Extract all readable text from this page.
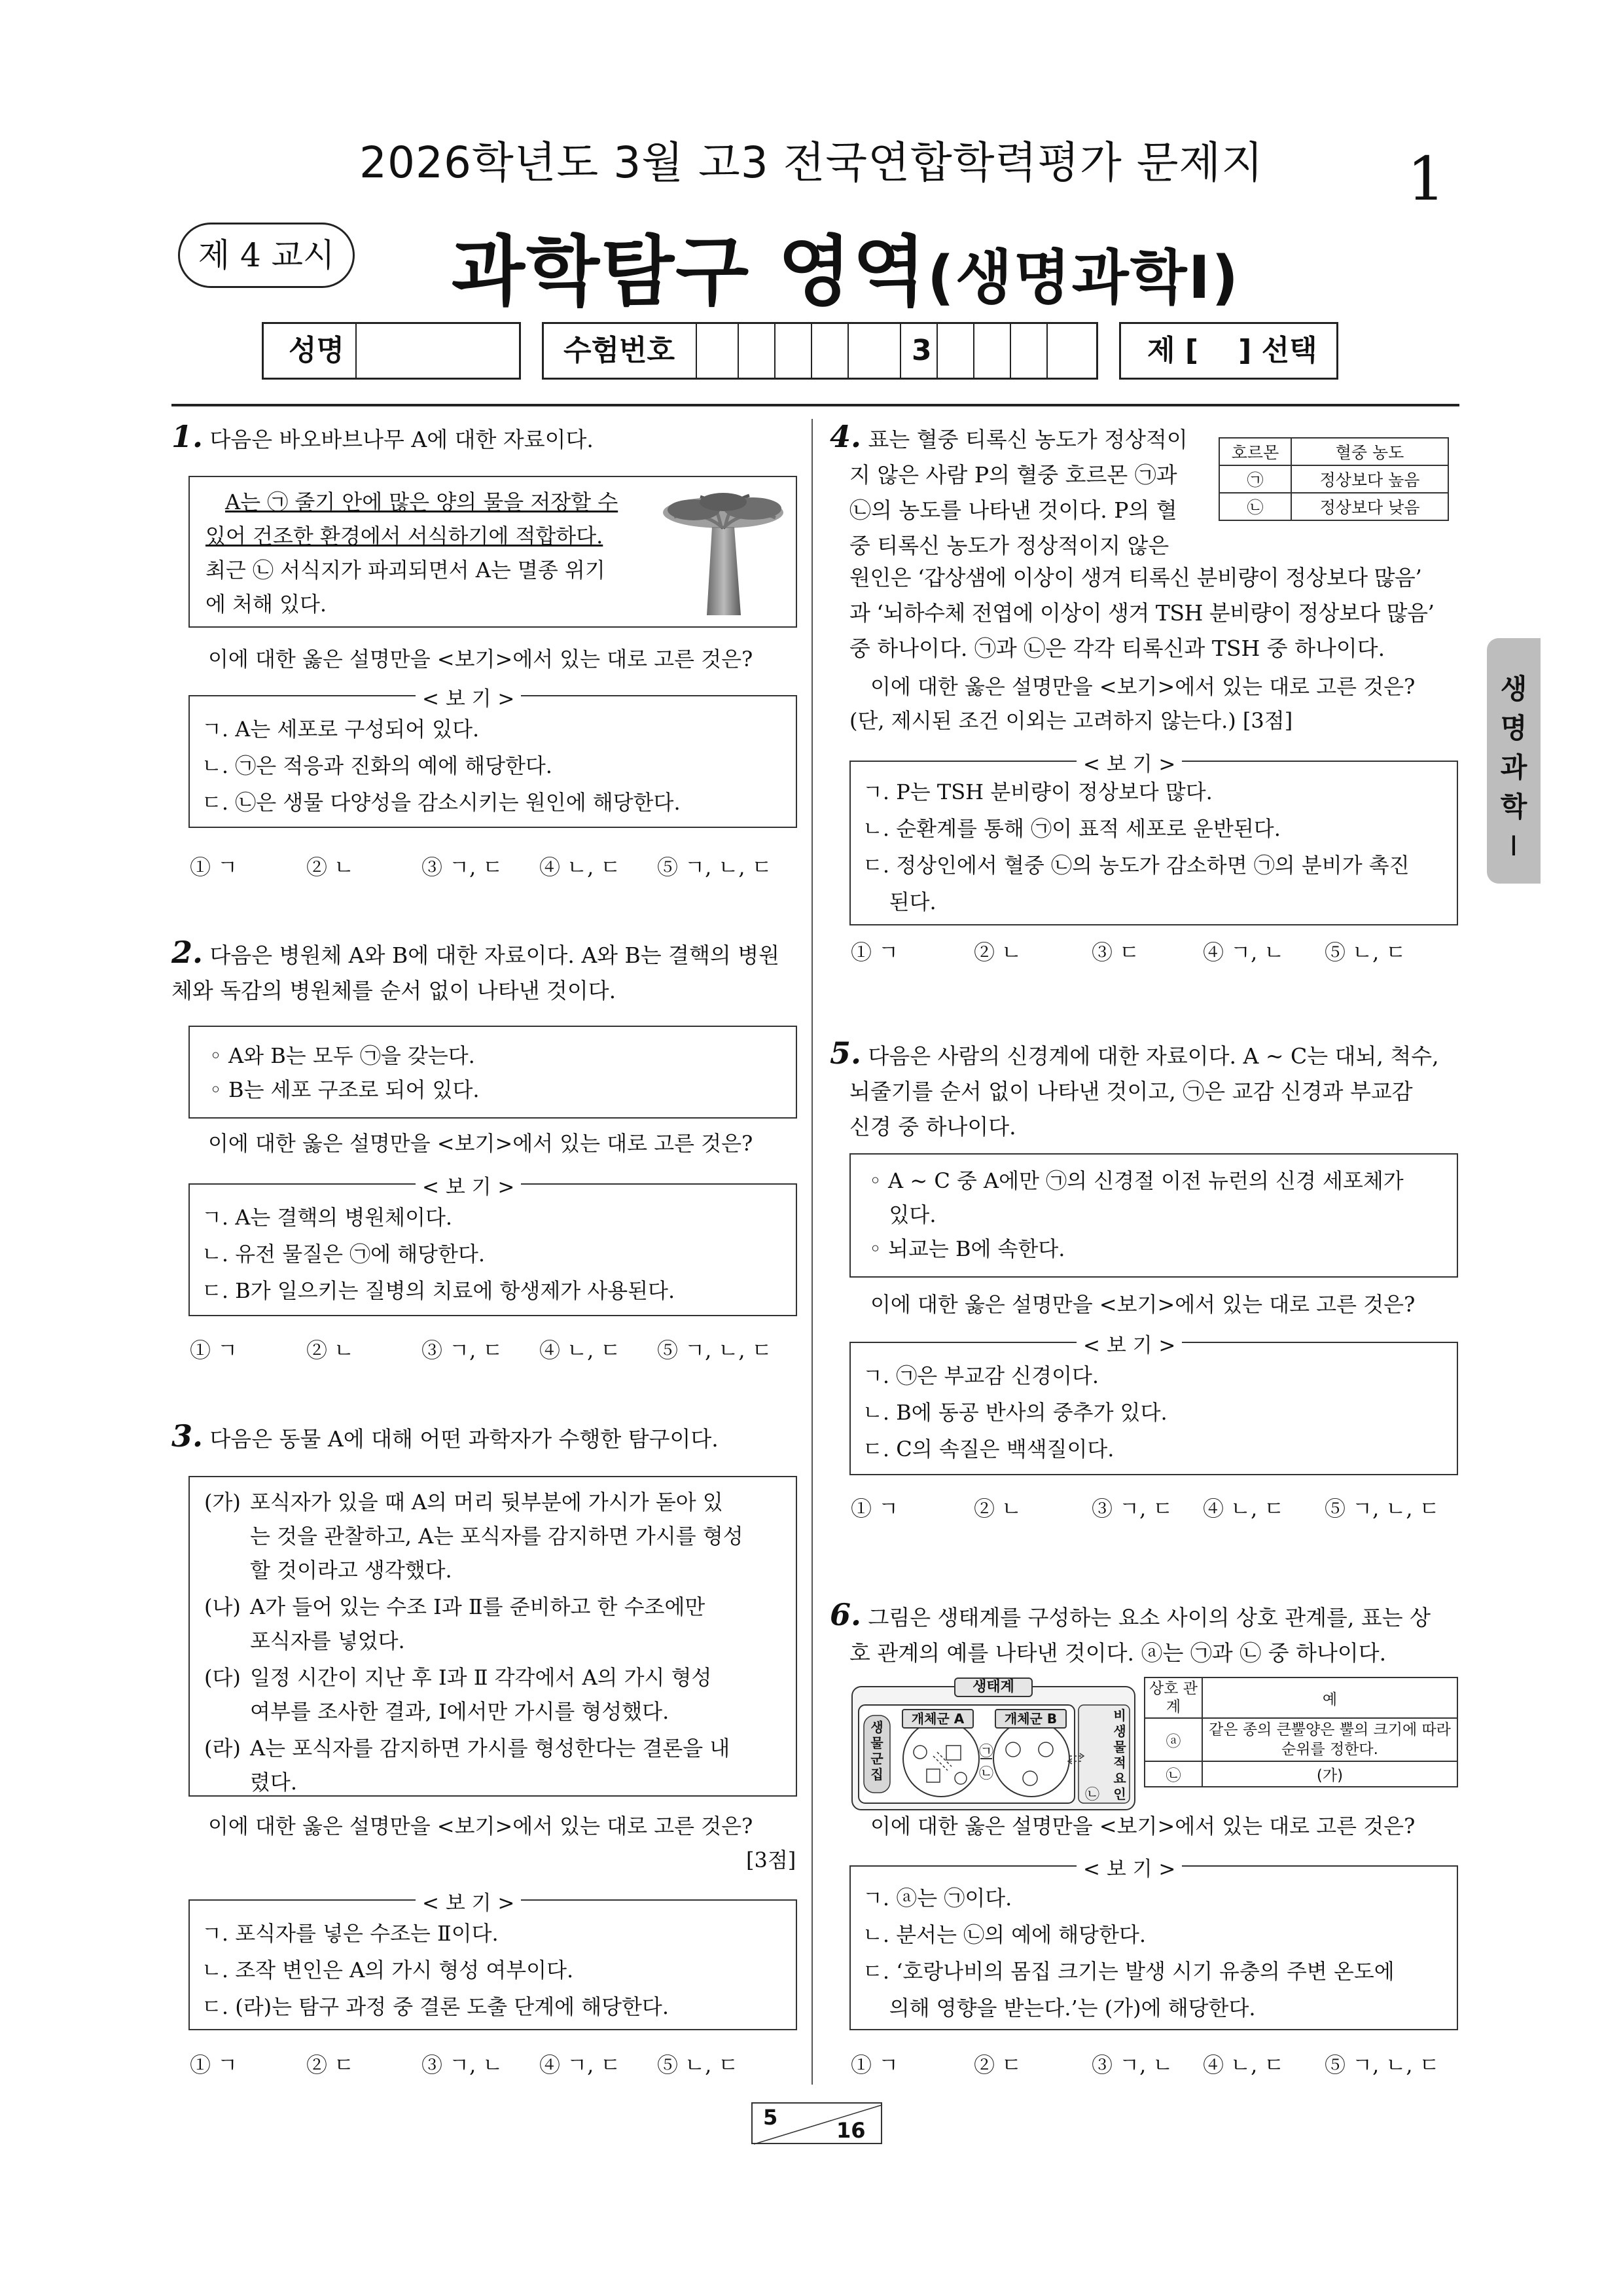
2026학년도 3월 고3 전국연합학력평가 문제지	1
제 4 교시 과학탐구 영역(생명과학Ⅰ)
성명	수험번호	3	제 [    ] 선택
생
명
과
학
Ⅰ
1. 다음은 바오바브나무 A에 대한 자료이다.
A는 ㉠ 줄기 안에 많은 양의 물을 저장할 수
있어 건조한 환경에서 서식하기에 적합하다.
최근 ㉡ 서식지가 파괴되면서 A는 멸종 위기
에 처해 있다.
이에 대한 옳은 설명만을 <보기>에서 있는 대로 고른 것은?
< 보 기 >
ㄱ. A는 세포로 구성되어 있다.
ㄴ. ㉠은 적응과 진화의 예에 해당한다.
ㄷ. ㉡은 생물 다양성을 감소시키는 원인에 해당한다.
① ㄱ	② ㄴ	③ ㄱ, ㄷ ④ ㄴ, ㄷ ⑤ ㄱ, ㄴ, ㄷ
2. 다음은 병원체 A와 B에 대한 자료이다. A와 B는 결핵의 병원
체와 독감의 병원체를 순서 없이 나타낸 것이다.
◦ A와 B는 모두 ㉠을 갖는다.
◦ B는 세포 구조로 되어 있다.
이에 대한 옳은 설명만을 <보기>에서 있는 대로 고른 것은?
< 보 기 >
ㄱ. A는 결핵의 병원체이다.
ㄴ. 유전 물질은 ㉠에 해당한다.
ㄷ. B가 일으키는 질병의 치료에 항생제가 사용된다.
① ㄱ	② ㄴ	③ ㄱ, ㄷ ④ ㄴ, ㄷ ⑤ ㄱ, ㄴ, ㄷ
3. 다음은 동물 A에 대해 어떤 과학자가 수행한 탐구이다.
(가) 포식자가 있을 때 A의 머리 뒷부분에 가시가 돋아 있
는 것을 관찰하고, A는 포식자를 감지하면 가시를 형성
할 것이라고 생각했다.
(나) A가 들어 있는 수조 Ⅰ과 Ⅱ를 준비하고 한 수조에만
포식자를 넣었다.
(다) 일정 시간이 지난 후 Ⅰ과 Ⅱ 각각에서 A의 가시 형성
여부를 조사한 결과, Ⅰ에서만 가시를 형성했다.
(라) A는 포식자를 감지하면 가시를 형성한다는 결론을 내
렸다.
이에 대한 옳은 설명만을 <보기>에서 있는 대로 고른 것은?
[3점]
< 보 기 >
ㄱ. 포식자를 넣은 수조는 Ⅱ이다.
ㄴ. 조작 변인은 A의 가시 형성 여부이다.
ㄷ. (라)는 탐구 과정 중 결론 도출 단계에 해당한다.
① ㄱ	② ㄷ	③ ㄱ, ㄴ ④ ㄱ, ㄷ ⑤ ㄴ, ㄷ
4. 표는 혈중 티록신 농도가 정상적이
지 않은 사람 P의 혈중 호르몬 ㉠과
㉡의 농도를 나타낸 것이다. P의 혈
중 티록신 농도가 정상적이지 않은
호르몬	혈중 농도
㉠	정상보다 높음
㉡	정상보다 낮음
원인은 ‘갑상샘에 이상이 생겨 티록신 분비량이 정상보다 많음’
과 ‘뇌하수체 전엽에 이상이 생겨 TSH 분비량이 정상보다 많음’
중 하나이다. ㉠과 ㉡은 각각 티록신과 TSH 중 하나이다.
이에 대한 옳은 설명만을 <보기>에서 있는 대로 고른 것은?
(단, 제시된 조건 이외는 고려하지 않는다.) [3점]
< 보 기 >
ㄱ. P는 TSH 분비량이 정상보다 많다.
ㄴ. 순환계를 통해 ㉠이 표적 세포로 운반된다.
ㄷ. 정상인에서 혈중 ㉡의 농도가 감소하면 ㉠의 분비가 촉진
된다.
① ㄱ	② ㄴ	③ ㄷ	④ ㄱ, ㄴ ⑤ ㄴ, ㄷ
5. 다음은 사람의 신경계에 대한 자료이다. A ~ C는 대뇌, 척수,
뇌줄기를 순서 없이 나타낸 것이고, ㉠은 교감 신경과 부교감
신경 중 하나이다.
◦ A ~ C 중 A에만 ㉠의 신경절 이전 뉴런의 신경 세포체가
있다.
◦ 뇌교는 B에 속한다.
이에 대한 옳은 설명만을 <보기>에서 있는 대로 고른 것은?
< 보 기 >
ㄱ. ㉠은 부교감 신경이다.
ㄴ. B에 동공 반사의 중추가 있다.
ㄷ. C의 속질은 백색질이다.
① ㄱ	② ㄴ	③ ㄱ, ㄷ ④ ㄴ, ㄷ ⑤ ㄱ, ㄴ, ㄷ
6. 그림은 생태계를 구성하는 요소 사이의 상호 관계를, 표는 상
호 관계의 예를 나타낸 것이다. ⓐ는 ㉠과 ㉡ 중 하나이다.
생태계
생물 군집
개체군 A	개체군 B	비생물적 요인
㉠
㉡
㉡
상호 관계	예
ⓐ	같은 종의 큰뿔양은 뿔의 크기에 따라 순위를 정한다.
㉡	(가)
이에 대한 옳은 설명만을 <보기>에서 있는 대로 고른 것은?
< 보 기 >
ㄱ. ⓐ는 ㉠이다.
ㄴ. 분서는 ㉡의 예에 해당한다.
ㄷ. ‘호랑나비의 몸집 크기는 발생 시기 유충의 주변 온도에
의해 영향을 받는다.’는 (가)에 해당한다.
① ㄱ	② ㄷ	③ ㄱ, ㄴ ④ ㄴ, ㄷ ⑤ ㄱ, ㄴ, ㄷ
5
16
